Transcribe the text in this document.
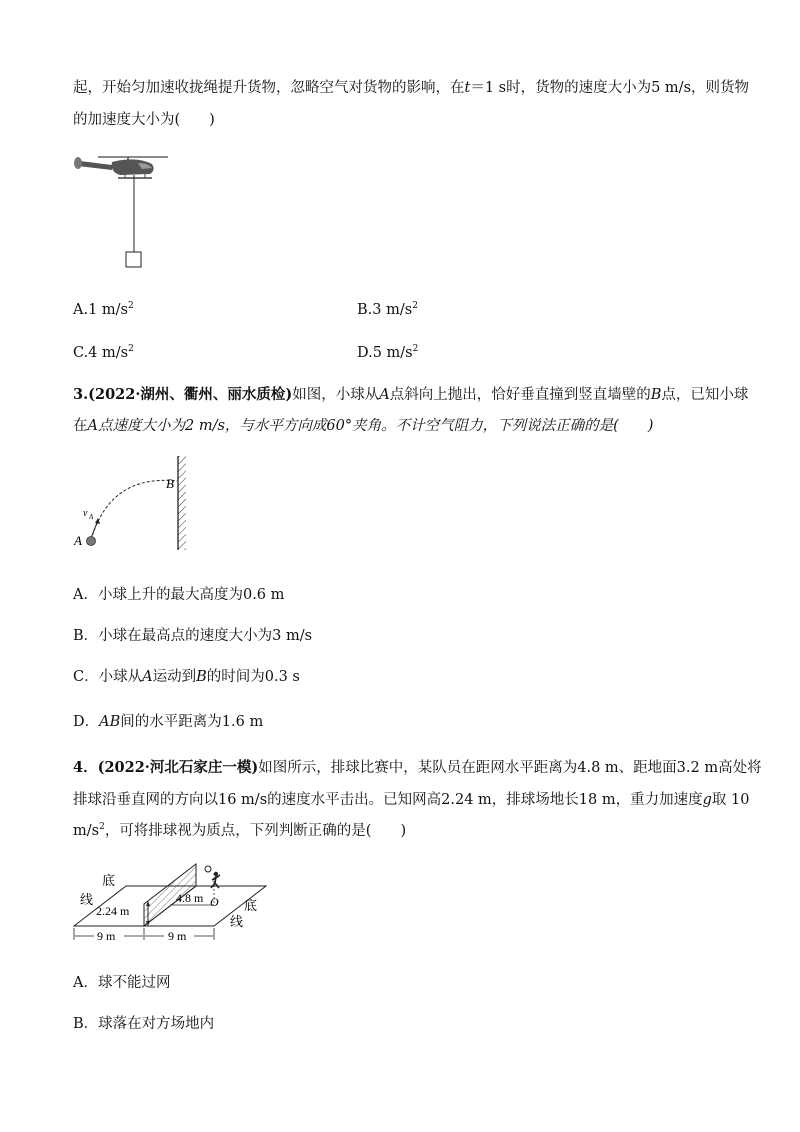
起，开始匀加速收拢绳提升货物，忽略空气对货物的影响，在t＝1 s时，货物的速度大小为5 m/s，则货物
的加速度大小为(　　)
A.1 $m/s^2$	B.3 $m/s^2$
C.4 $m/s^2$	D.5 $m/s^2$
3.(2022·湖州、衢州、丽水质检)如图，小球从A点斜向上抛出，恰好垂直撞到竖直墙壁的B点，已知小球
在A点速度大小为2 m/s，与水平方向成60°夹角。不计空气阻力，下列说法正确的是(　　)
B
A
v A
A．小球上升的最大高度为0.6 m
B．小球在最高点的速度大小为3 m/s
C．小球从A运动到B的时间为0.3 s
D．AB间的水平距离为1.6 m
4．(2022·河北石家庄一模)如图所示，排球比赛中，某队员在距网水平距离为4.8 m、距地面3.2 m高处将
排球沿垂直网的方向以16 m/s的速度水平击出。已知网高2.24 m，排球场地长18 m，重力加速度g取 10
$m/s^2$，可将排球视为质点，下列判断正确的是(　　)
底
线
2.24 m
4.8 m O 底
线
9 m	9 m
A．球不能过网
B．球落在对方场地内
